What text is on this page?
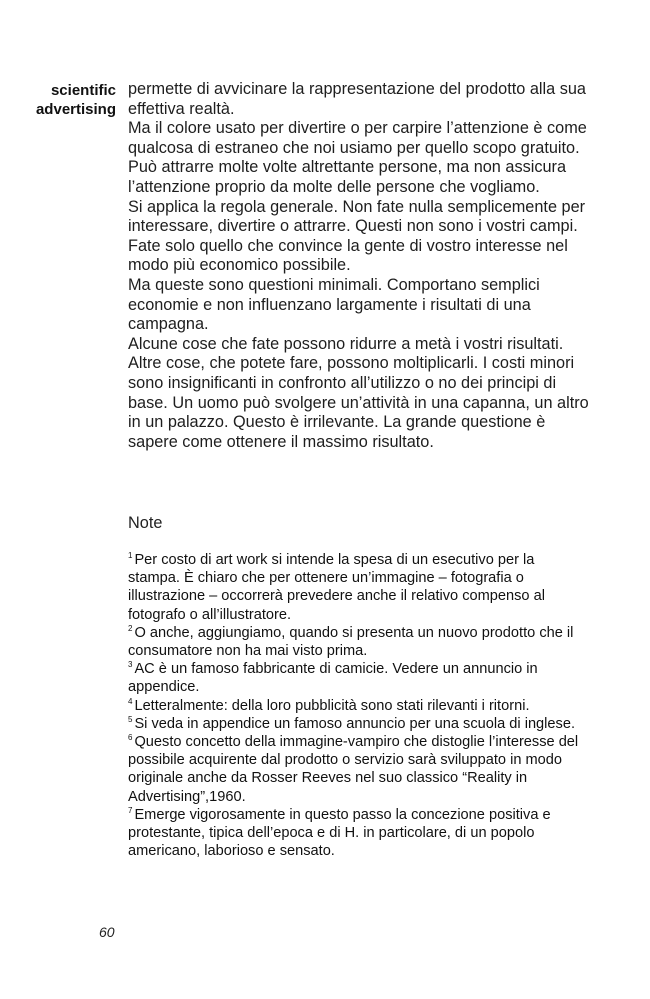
scientific
advertising

permette di avvicinare la rappresentazione del prodotto alla sua effettiva realtà.

Ma il colore usato per divertire o per carpire l’attenzione è come qualcosa di estraneo che noi usiamo per quello scopo gratuito. Può attrarre molte volte altrettante persone, ma non assicura l’attenzione proprio da molte delle persone che vogliamo.

Si applica la regola generale. Non fate nulla semplicemente per interessare, divertire o attrarre. Questi non sono i vostri campi. Fate solo quello che convince la gente di vostro interesse nel modo più economico possibile.

Ma queste sono questioni minimali. Comportano semplici economie e non influenzano largamente i risultati di una campagna.

Alcune cose che fate possono ridurre a metà i vostri risultati. Altre cose, che potete fare, possono moltiplicarli. I costi minori sono insignificanti in confronto all’utilizzo o no dei principi di base. Un uomo può svolgere un’attività in una capanna, un altro in un palazzo. Questo è irrilevante. La grande questione è sapere come ottenere il massimo risultato.

Note

$^1$ Per costo di art work si intende la spesa di un esecutivo per la stampa. È chiaro che per ottenere un’immagine – fotografia o illustrazione – occorrerà prevedere anche il relativo compenso al fotografo o all’illustratore.

$^2$ O anche, aggiungiamo, quando si presenta un nuovo prodotto che il consumatore non ha mai visto prima.

$^3$ AC è un famoso fabbricante di camicie. Vedere un annuncio in appendice.

$^4$ Letteralmente: della loro pubblicità sono stati rilevanti i ritorni.

$^5$ Si veda in appendice un famoso annuncio per una scuola di inglese.

$^6$ Questo concetto della immagine-vampiro che distoglie l’interesse del possibile acquirente dal prodotto o servizio sarà sviluppato in modo originale anche da Rosser Reeves nel suo classico “Reality in Advertising”,1960.

$^7$ Emerge vigorosamente in questo passo la concezione positiva e protestante, tipica dell’epoca e di H. in particolare, di un popolo americano, laborioso e sensato.

60
